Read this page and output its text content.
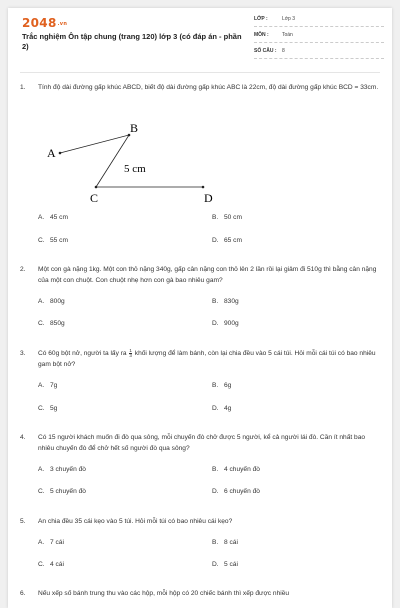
2048.vn
Trắc nghiệm Ôn tập chung (trang 120) lớp 3 (có đáp án - phần 2)
LỚP :	Lớp 3
MÔN :	Toán
SỐ CÂU : 8
1. Tính độ dài đường gấp khúc ABCD, biết độ dài đường gấp khúc ABC là 22cm, độ dài đường gấp khúc BCD = 33cm.
A
B
C	D
5 cm
A. 45 cm	B. 50 cm
C. 55 cm	D. 65 cm
2. Một con gà nặng 1kg. Một con thỏ nặng 340g, gấp cân nặng con thỏ lên 2 lần rồi lại giảm đi 510g thì bằng cân nặng của một con chuột. Con chuột nhẹ hơn con gà bao nhiêu gam?
A. 800g	B. 830g
C. 850g	D. 900g
3. Có 60g bột nở, người ta lấy ra $\frac{1}{3}$ khối lượng để làm bánh, còn lại chia đều vào 5 cái túi. Hỏi mỗi cái túi có bao nhiêu gam bột nở?
A. 7g	B. 6g
C. 5g	D. 4g
4. Có 15 người khách muốn đi đò qua sông, mỗi chuyến đò chở được 5 người, kể cả người lái đò. Cần ít nhất bao nhiêu chuyến đò để chở hết số người đò qua sông?
A. 3 chuyến đò	B. 4 chuyến đò
C. 5 chuyến đò	D. 6 chuyến đò
5. An chia đều 35 cái kẹo vào 5 túi. Hỏi mỗi túi có bao nhiêu cái kẹo?
A. 7 cái	B. 8 cái
C. 4 cái	D. 5 cái
6. Nếu xếp số bánh trung thu vào các hộp, mỗi hộp có 20 chiếc bánh thì xếp được nhiều
